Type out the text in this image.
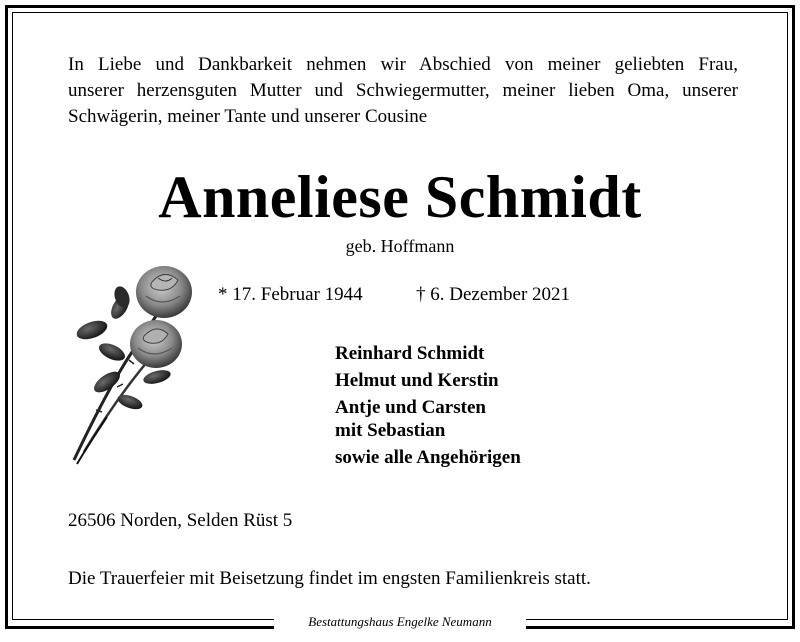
In Liebe und Dankbarkeit nehmen wir Abschied von meiner geliebten Frau,
unserer herzensguten Mutter und Schwiegermutter, meiner lieben Oma, unserer
Schwägerin, meiner Tante und unserer Cousine
Anneliese Schmidt
geb. Hoffmann
* 17. Februar 1944	† 6. Dezember 2021
Reinhard Schmidt
Helmut und Kerstin
Antje und Carsten
mit Sebastian
sowie alle Angehörigen
26506 Norden, Selden Rüst 5
Die Trauerfeier mit Beisetzung findet im engsten Familienkreis statt.
Bestattungshaus Engelke Neumann
